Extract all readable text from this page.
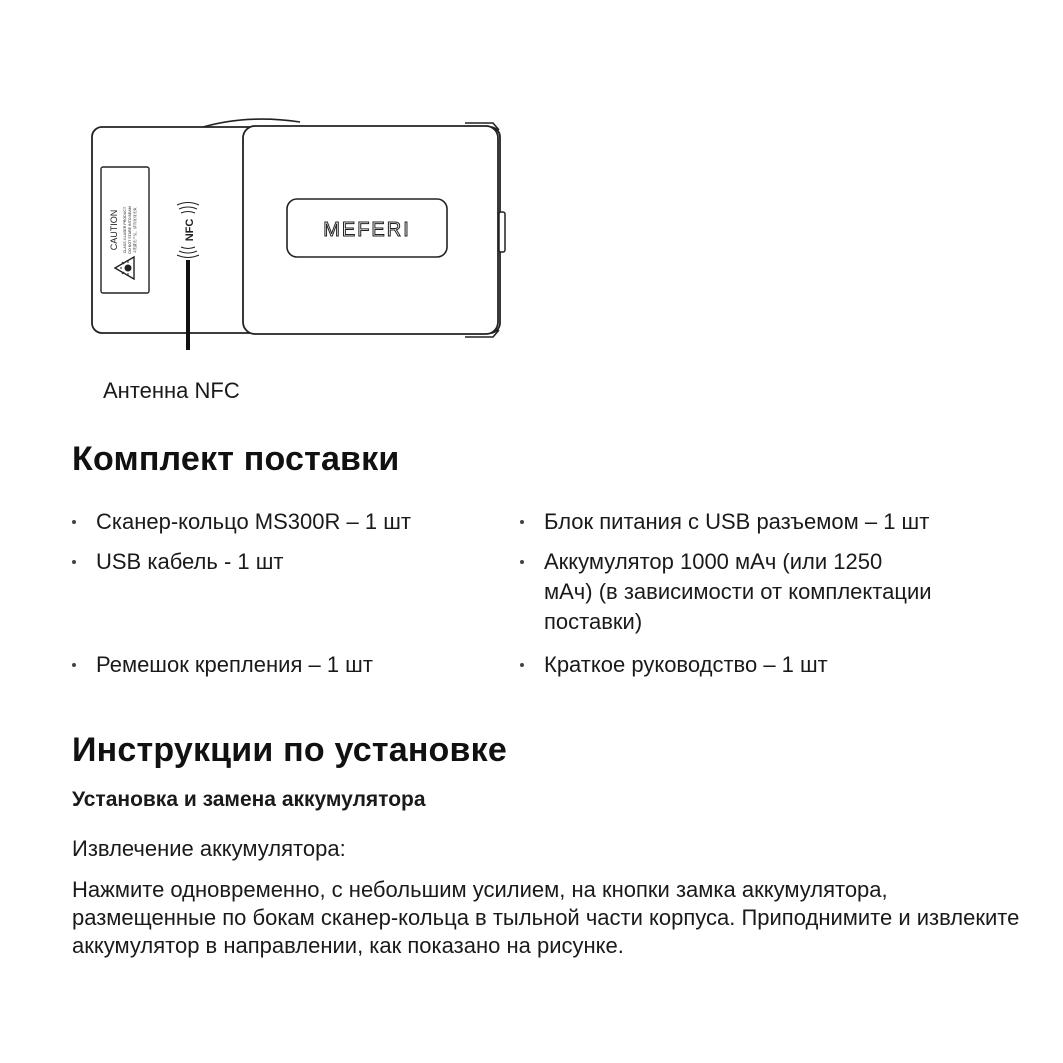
MEFERI
CAUTION CLASS II LASER PRODUCT DO NOT STARE INTO BEAM 2类激光产品，请勿直视光束	NFC
Антенна NFC
Комплект поставки
Сканер-кольцо MS300R – 1 шт
USB кабель - 1 шт
Блок питания с USB разъемом – 1 шт
Аккумулятор 1000 мАч (или 1250 мАч) (в зависимости от комплектации поставки)
Ремешок крепления – 1 шт	Краткое руководство – 1 шт
Инструкции по установке
Установка и замена аккумулятора
Извлечение аккумулятора:

Нажмите одновременно, с небольшим усилием, на кнопки замка аккумулятора, размещенные по бокам сканер-кольца в тыльной части корпуса. Приподнимите и извлеките аккумулятор в направлении, как показано на рисунке.
